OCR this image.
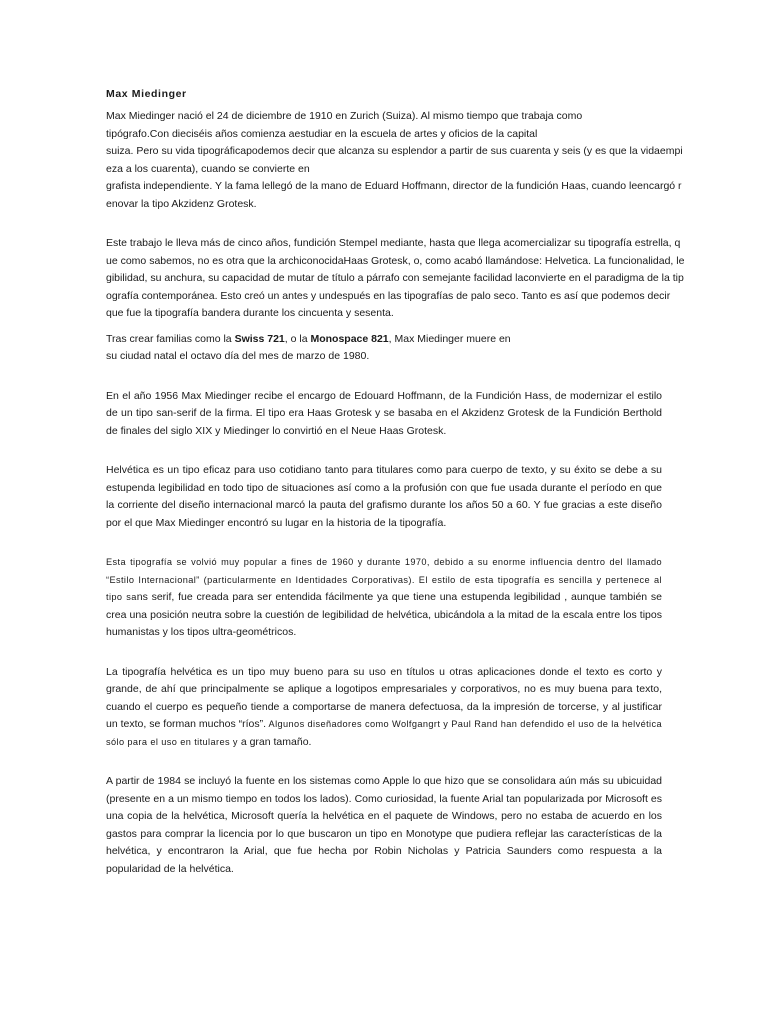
Max Miedinger

Max Miedinger nació el 24 de diciembre de 1910 en Zurich (Suiza). Al mismo tiempo que trabaja como
tipógrafo.Con dieciséis años comienza aestudiar en la escuela de artes y oficios de la capital
suiza. Pero su vida tipográficapodemos decir que alcanza su esplendor a partir de sus cuarenta y seis (y es que la vidaempi
eza a los cuarenta), cuando se convierte en
grafista independiente. Y la fama lellegó de la mano de Eduard Hoffmann, director de la fundición Haas, cuando leencargó r
enovar la tipo Akzidenz Grotesk.

Este trabajo le lleva más de cinco años, fundición Stempel mediante, hasta que llega acomercializar su tipografía estrella, q
ue como sabemos, no es otra que la archiconocidaHaas Grotesk, o, como acabó llamándose: Helvetica. La funcionalidad, le
gibilidad, su anchura, su capacidad de mutar de título a párrafo con semejante facilidad laconvierte en el paradigma de la tip
ografía contemporánea. Esto creó un antes y undespués en las tipografías de palo seco. Tanto es así que podemos decir
que fue la tipografía bandera durante los cincuenta y sesenta.

Tras crear familias como la Swiss 721, o la Monospace 821, Max Miedinger muere en
su ciudad natal el octavo día del mes de marzo de 1980.

En el año 1956 Max Miedinger recibe el encargo de Edouard Hoffmann, de la Fundición Hass, de modernizar el estilo de un tipo san-serif de la firma. El tipo era Haas Grotesk y se basaba en el Akzidenz Grotesk de la Fundición Berthold de finales del siglo XIX y Miedinger lo convirtió en el Neue Haas Grotesk.

Helvética es un tipo eficaz para uso cotidiano tanto para titulares como para cuerpo de texto, y su éxito se debe a su estupenda legibilidad en todo tipo de situaciones así como a la profusión con que fue usada durante el período en que la corriente del diseño internacional marcó la pauta del grafismo durante los años 50 a 60. Y fue gracias a este diseño por el que Max Miedinger encontró su lugar en la historia de la tipografía.

Esta tipografía se volvió muy popular a fines de 1960 y durante 1970, debido a su enorme influencia dentro del llamado “Estilo Internacional” (particularmente en Identidades Corporativas). El estilo de esta tipografía es sencilla y pertenece al tipo sans serif, fue creada para ser entendida fácilmente ya que tiene una estupenda legibilidad , aunque también se crea una posición neutra sobre la cuestión de legibilidad de helvética, ubicándola a la mitad de la escala entre los tipos humanistas y los tipos ultra-geométricos.

La tipografía helvética es un tipo muy bueno para su uso en títulos u otras aplicaciones donde el texto es corto y grande, de ahí que principalmente se aplique a logotipos empresariales y corporativos, no es muy buena para texto, cuando el cuerpo es pequeño tiende a comportarse de manera defectuosa, da la impresión de torcerse, y al justificar un texto, se forman muchos “ríos”. Algunos diseñadores como Wolfgangrt y Paul Rand han defendido el uso de la helvética sólo para el uso en titulares y a gran tamaño.

A partir de 1984 se incluyó la fuente en los sistemas como Apple lo que hizo que se consolidara aún más su ubicuidad (presente en a un mismo tiempo en todos los lados). Como curiosidad, la fuente Arial tan popularizada por Microsoft es una copia de la helvética, Microsoft quería la helvética en el paquete de Windows, pero no estaba de acuerdo en los gastos para comprar la licencia por lo que buscaron un tipo en Monotype que pudiera reflejar las características de la helvética, y encontraron la Arial, que fue hecha por Robin Nicholas y Patricia Saunders como respuesta a la popularidad de la helvética.
